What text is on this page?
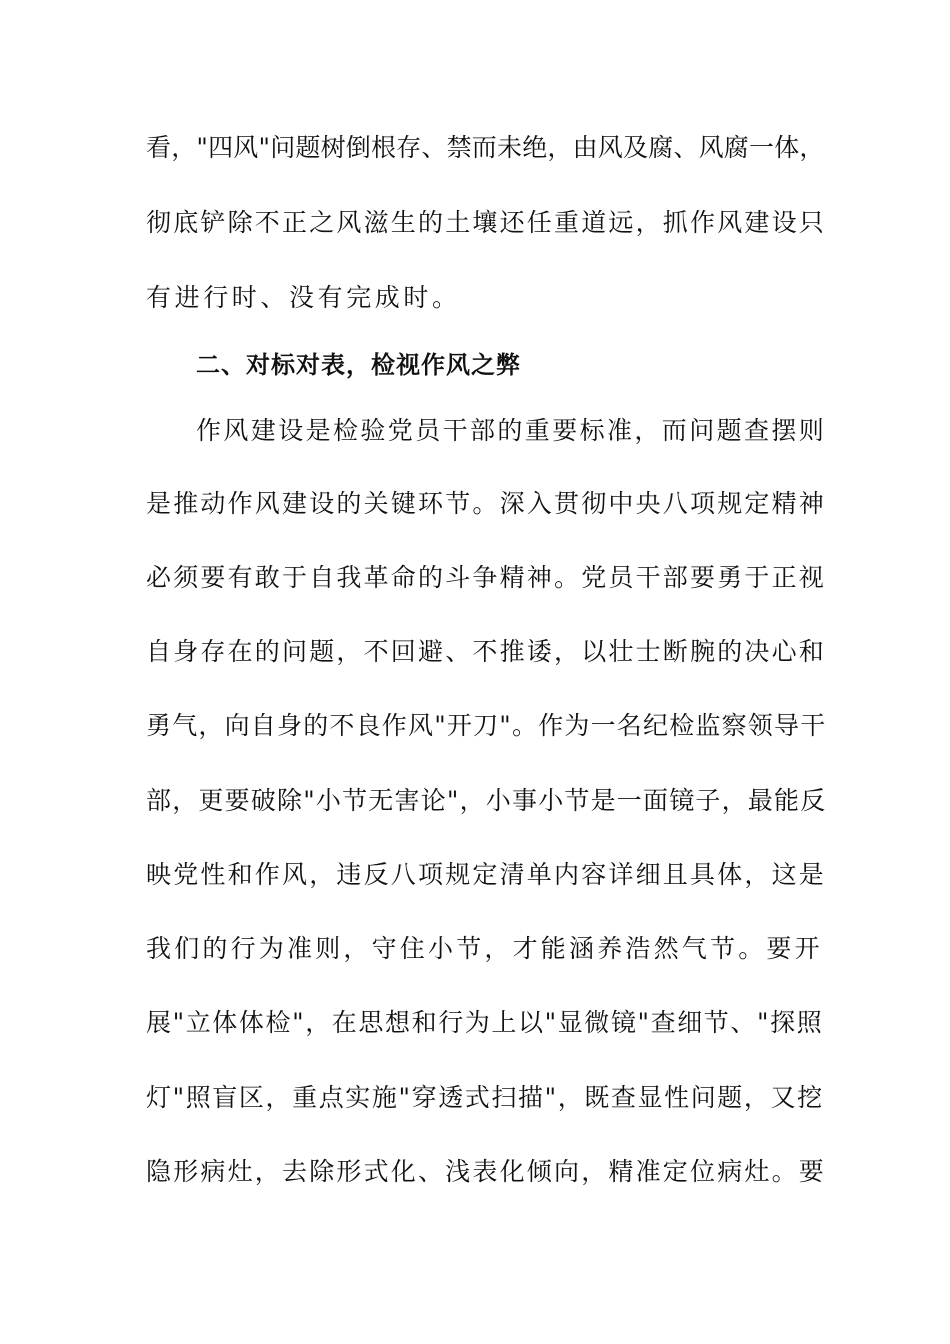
看，"四风"问题树倒根存、禁而未绝，由风及腐、风腐一体，
彻底铲除不正之风滋生的土壤还任重道远，抓作风建设只
有进行时、没有完成时。
二、对标对表，检视作风之弊
作风建设是检验党员干部的重要标准，而问题查摆则
是推动作风建设的关键环节。深入贯彻中央八项规定精神
必须要有敢于自我革命的斗争精神。党员干部要勇于正视
自身存在的问题，不回避、不推诿，以壮士断腕的决心和
勇气，向自身的不良作风"开刀"。作为一名纪检监察领导干
部，更要破除"小节无害论"，小事小节是一面镜子，最能反
映党性和作风，违反八项规定清单内容详细且具体，这是
我们的行为准则，守住小节，才能涵养浩然气节。要开
展"立体体检"，在思想和行为上以"显微镜"查细节、"探照
灯"照盲区，重点实施"穿透式扫描"，既查显性问题，又挖
隐形病灶，去除形式化、浅表化倾向，精准定位病灶。要
